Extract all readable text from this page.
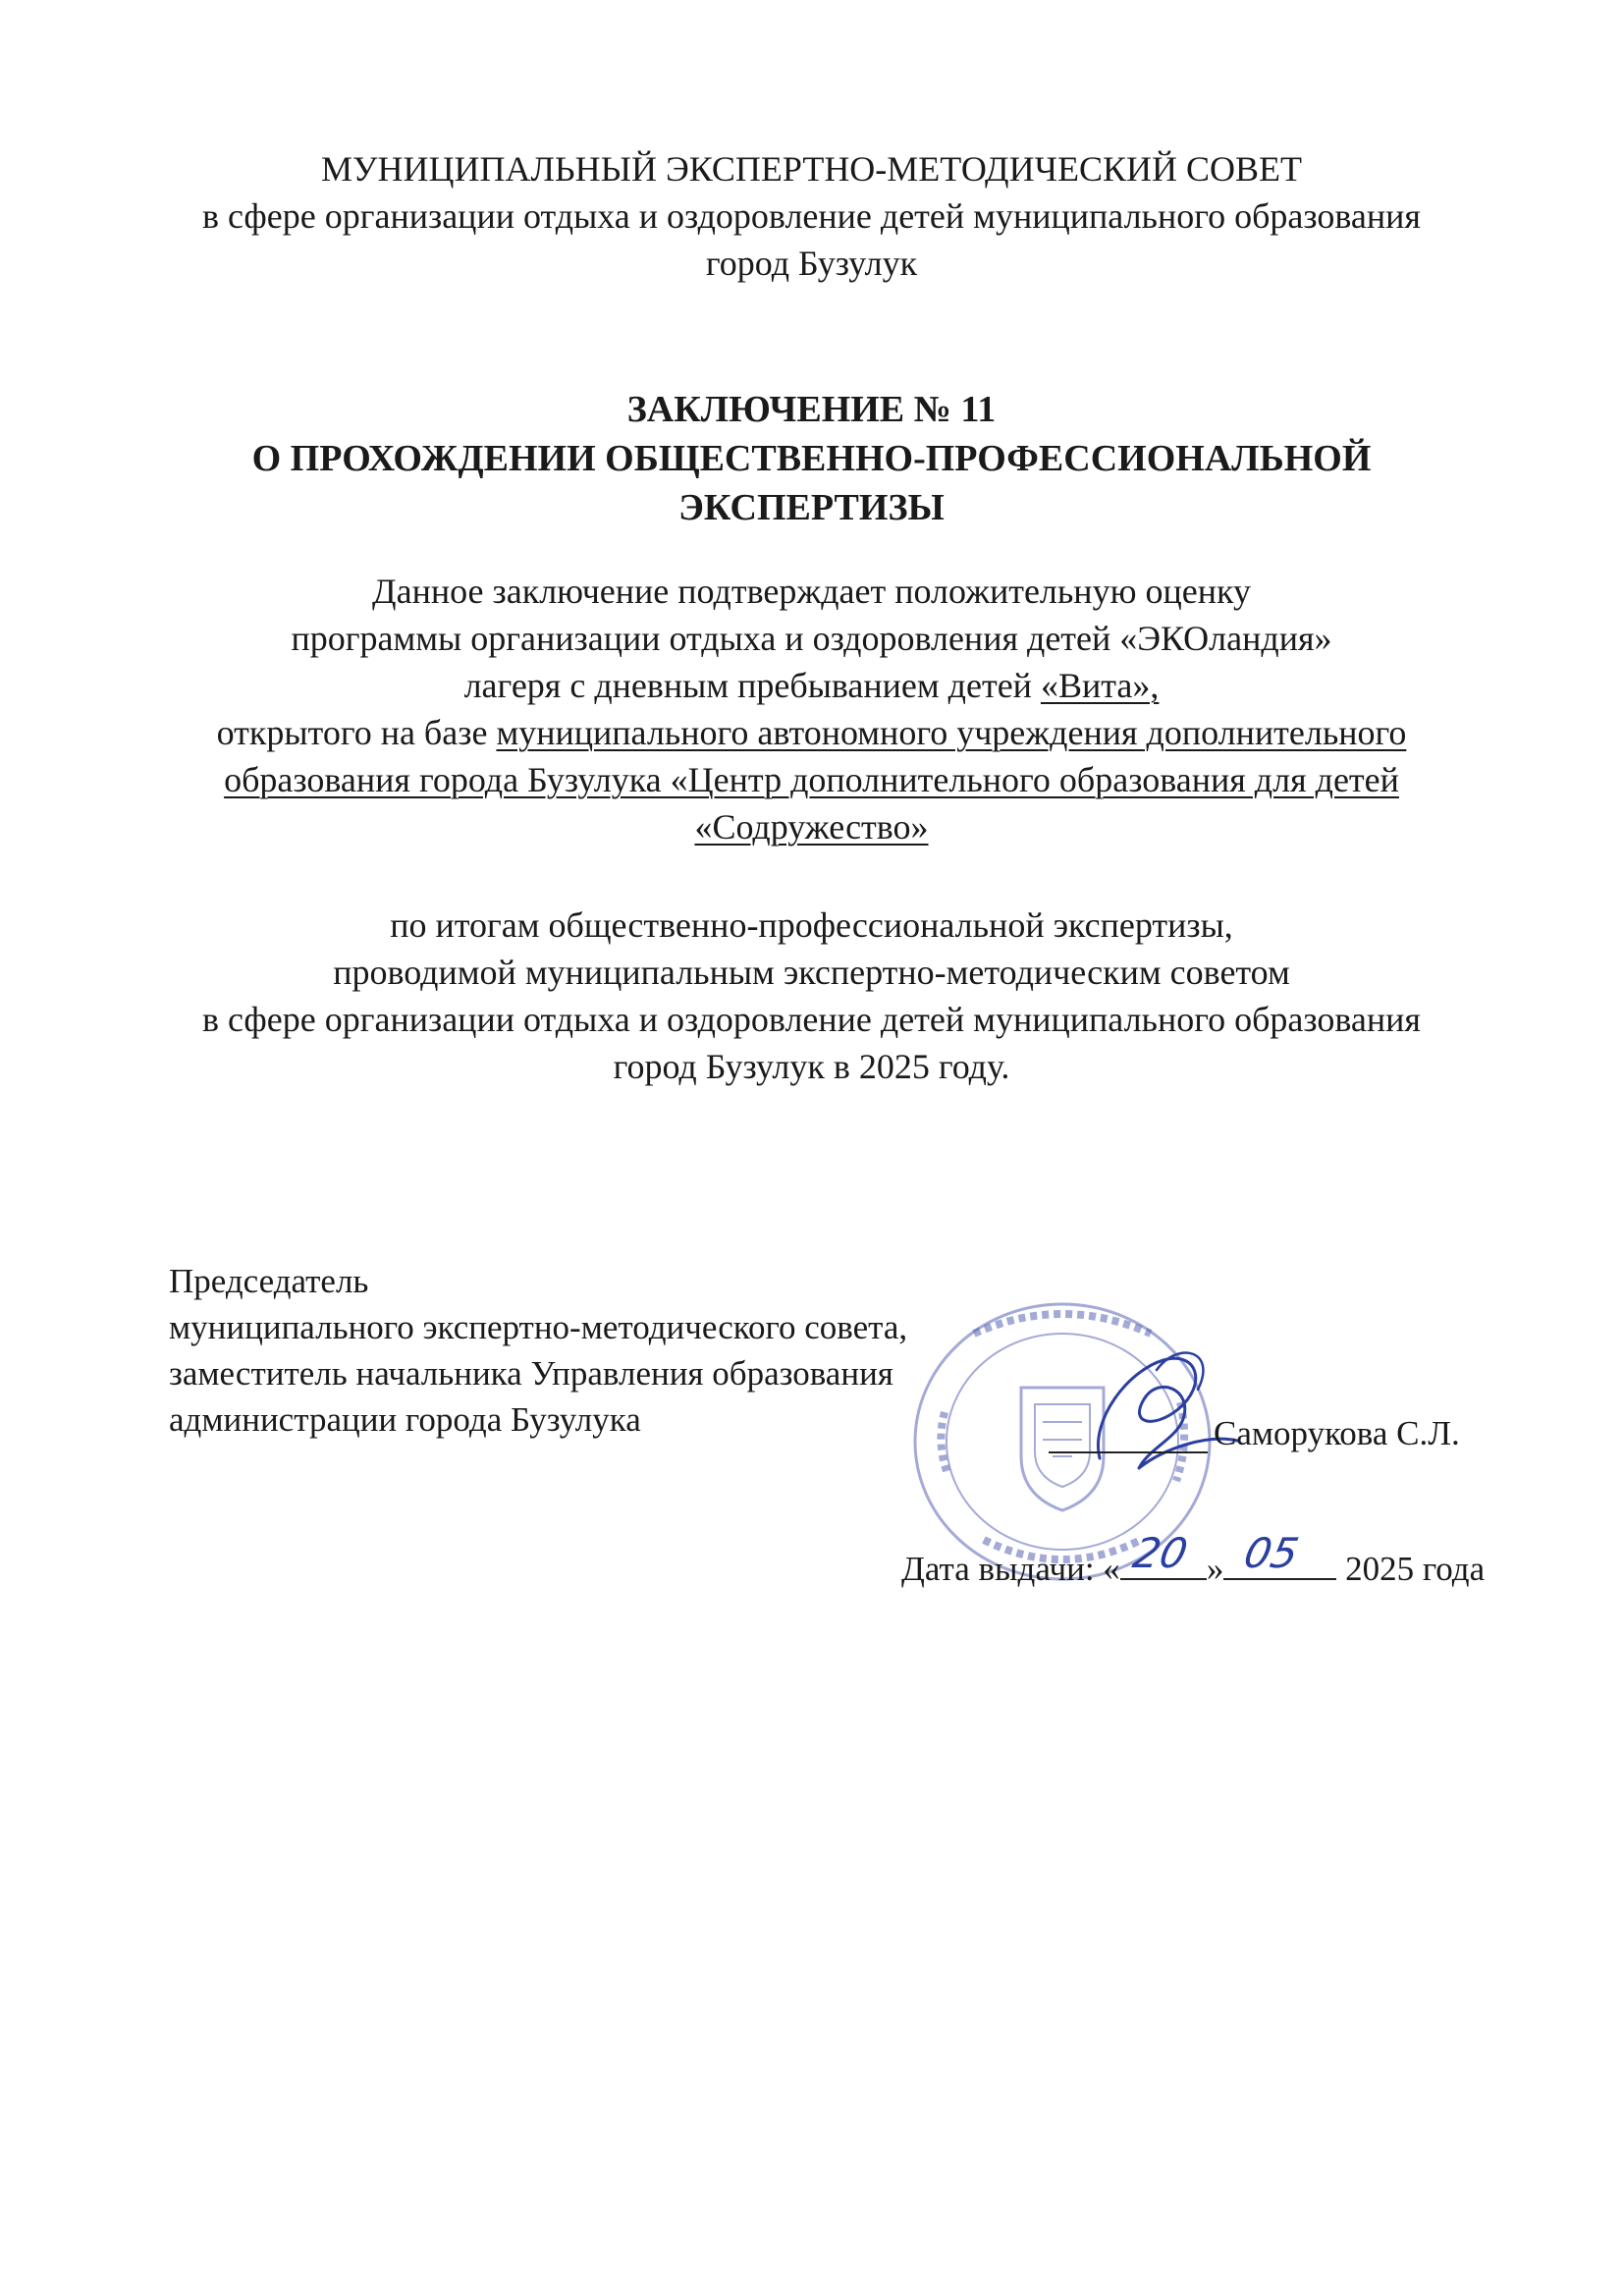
МУНИЦИПАЛЬНЫЙ ЭКСПЕРТНО-МЕТОДИЧЕСКИЙ СОВЕТ
в сфере организации отдыха и оздоровление детей муниципального образования
город Бузулук
ЗАКЛЮЧЕНИЕ № 11
О ПРОХОЖДЕНИИ ОБЩЕСТВЕННО-ПРОФЕССИОНАЛЬНОЙ
ЭКСПЕРТИЗЫ
Данное заключение подтверждает положительную оценку
программы организации отдыха и оздоровления детей «ЭКОландия»
лагеря с дневным пребыванием детей «Вита»,
открытого на базе муниципального автономного учреждения дополнительного
образования города Бузулука «Центр дополнительного образования для детей
«Содружество»
по итогам общественно-профессиональной экспертизы,
проводимой муниципальным экспертно-методическим советом
в сфере организации отдыха и оздоровление детей муниципального образования
город Бузулук в 2025 году.
Председатель
муниципального экспертно-методического совета,
заместитель начальника Управления образования
администрации города Бузулука	Саморукова С.Л.
Дата выдачи: « 20 » 05 2025 года
